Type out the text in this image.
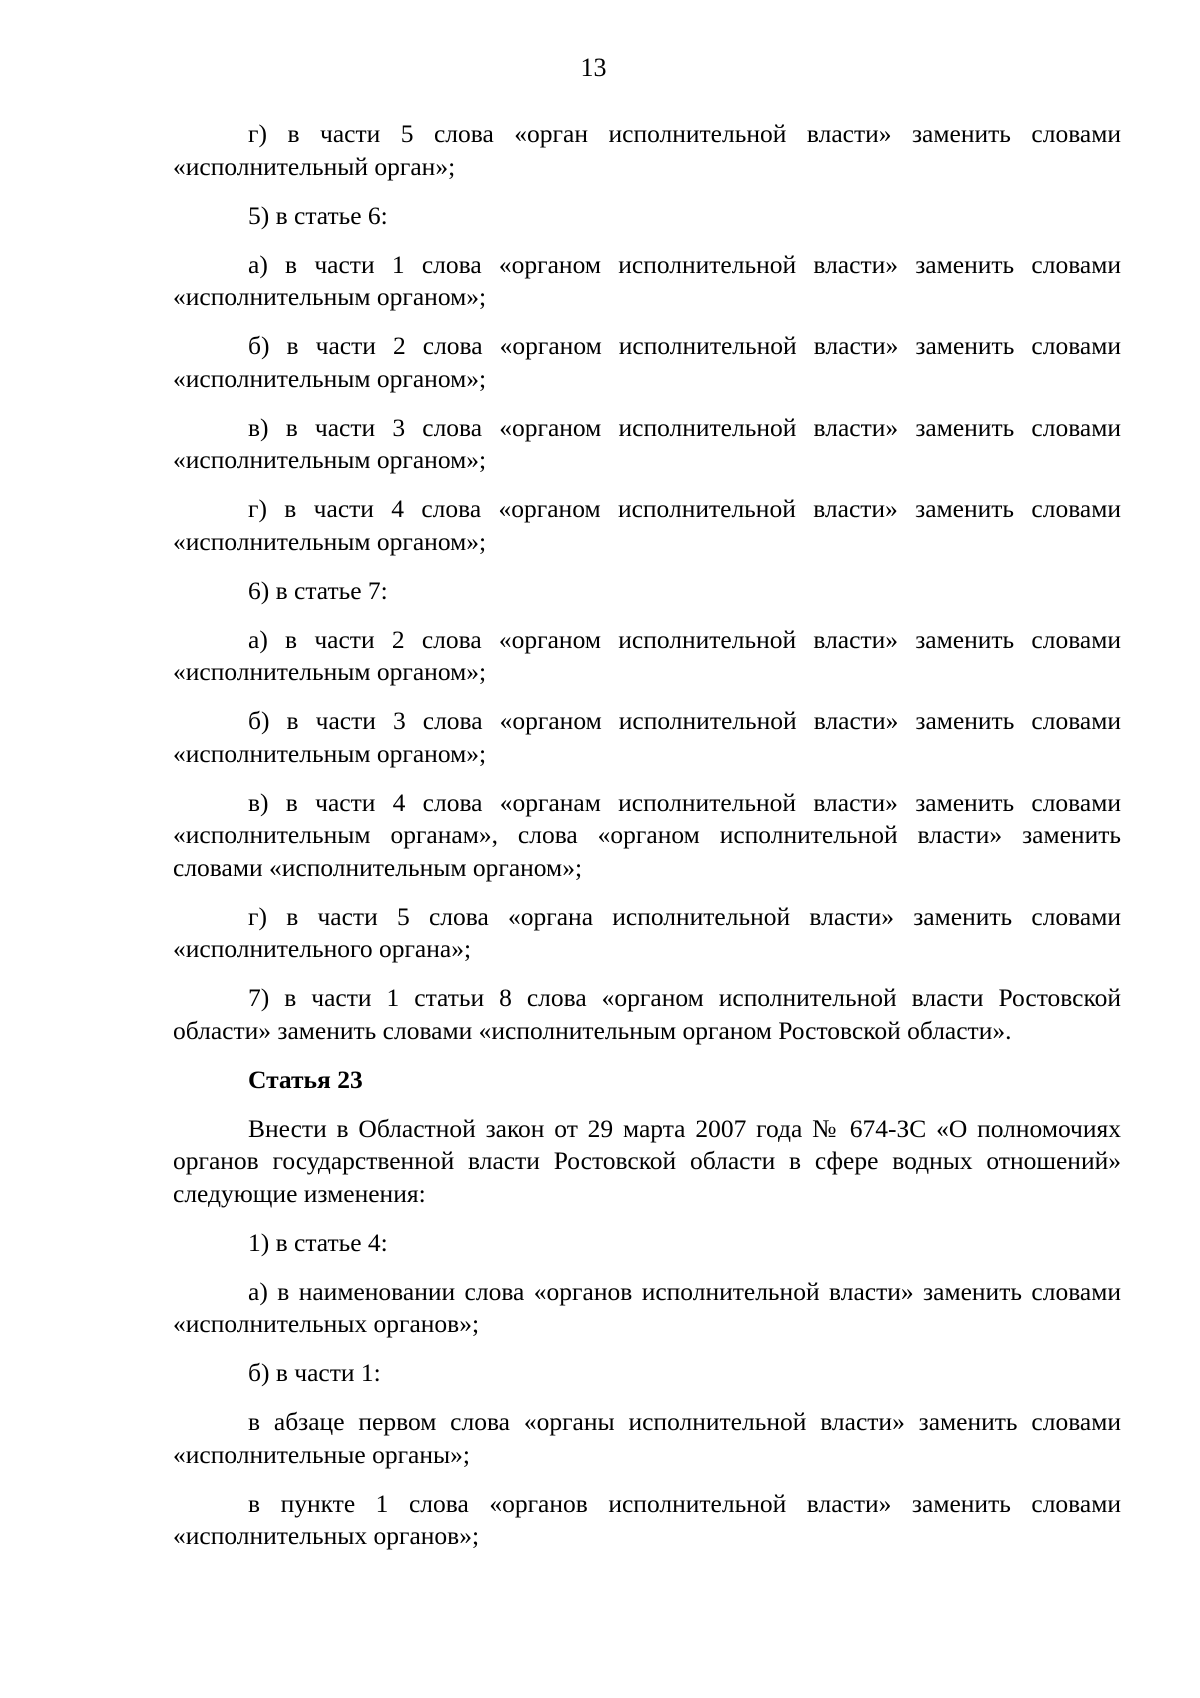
13

г) в части 5 слова «орган исполнительной власти» заменить словами «исполнительный орган»;

5) в статье 6:

а) в части 1 слова «органом исполнительной власти» заменить словами «исполнительным органом»;

б) в части 2 слова «органом исполнительной власти» заменить словами «исполнительным органом»;

в) в части 3 слова «органом исполнительной власти» заменить словами «исполнительным органом»;

г) в части 4 слова «органом исполнительной власти» заменить словами «исполнительным органом»;

6) в статье 7:

а) в части 2 слова «органом исполнительной власти» заменить словами «исполнительным органом»;

б) в части 3 слова «органом исполнительной власти» заменить словами «исполнительным органом»;

в) в части 4 слова «органам исполнительной власти» заменить словами «исполнительным органам», слова «органом исполнительной власти» заменить словами «исполнительным органом»;

г) в части 5 слова «органа исполнительной власти» заменить словами «исполнительного органа»;

7) в части 1 статьи 8 слова «органом исполнительной власти Ростовской области» заменить словами «исполнительным органом Ростовской области».

Статья 23

Внести в Областной закон от 29 марта 2007 года № 674-ЗС «О полномочиях органов государственной власти Ростовской области в сфере водных отношений» следующие изменения:

1) в статье 4:

а) в наименовании слова «органов исполнительной власти» заменить словами «исполнительных органов»;

б) в части 1:

в абзаце первом слова «органы исполнительной власти» заменить словами «исполнительные органы»;

в пункте 1 слова «органов исполнительной власти» заменить словами «исполнительных органов»;
